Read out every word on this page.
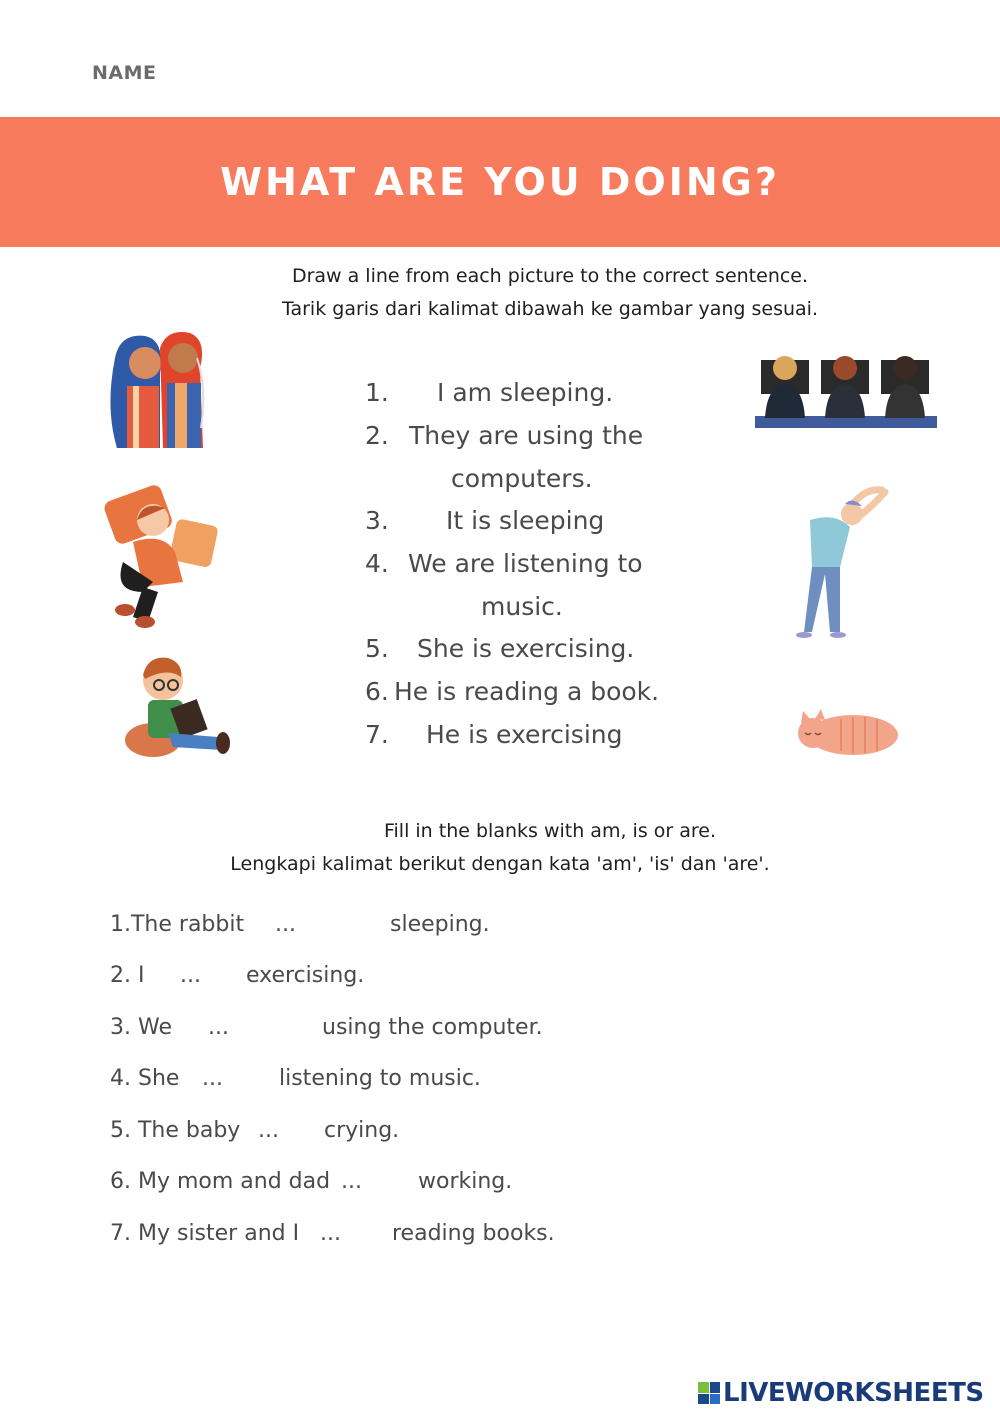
NAME
WHAT ARE YOU DOING?
Draw a line from each picture to the correct sentence.
Tarik garis dari kalimat dibawah ke gambar yang sesuai.
1. I am sleeping.
2. They are using the
computers.
3. It is sleeping
4. We are listening to
music.
5. She is exercising.
6. He is reading a book.
7. He is exercising
Fill in the blanks with am, is or are.
Lengkapi kalimat berikut dengan kata 'am', 'is' dan 'are'.
1.The rabbit ...	sleeping.
2. I ... exercising.
3. We ...	using the computer.
4. She ...	listening to music.
5. The baby ... crying.
6. My mom and dad ...	working.
7. My sister and I ... reading books.
LIVEWORKSHEETS
